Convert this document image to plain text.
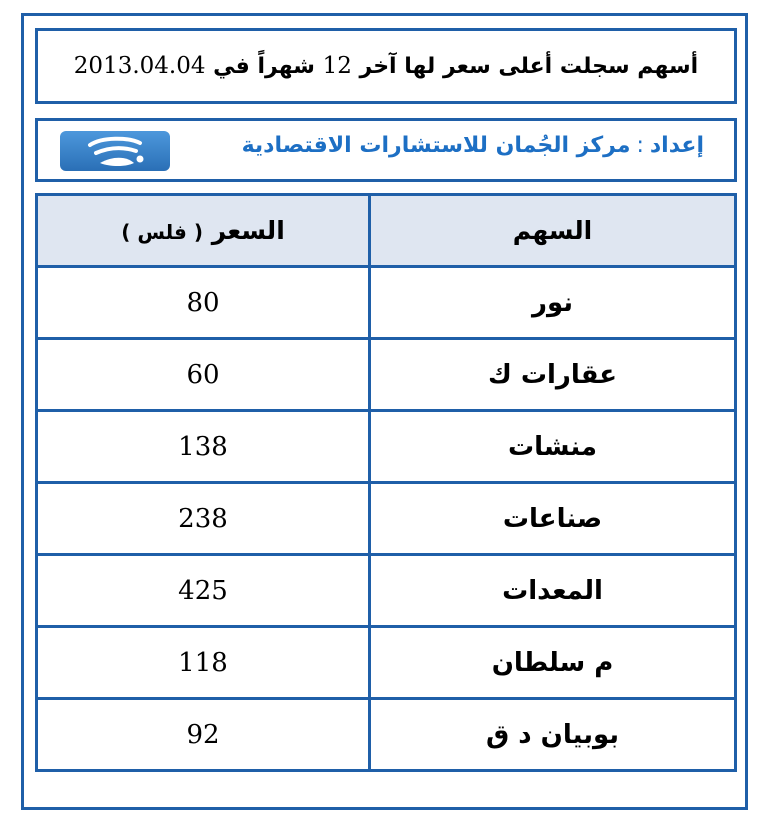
أسهم سجلت أعلى سعر لها آخر 12 شهراً في 2013.04.04
إعداد:مركز الجُمان للاستشارات الاقتصادية
السهم	السعر ( فلس )
نور	80
عقارات ك	60
منشات	138
صناعات	238
المعدات	425
م سلطان	118
بوبيان د ق	92
